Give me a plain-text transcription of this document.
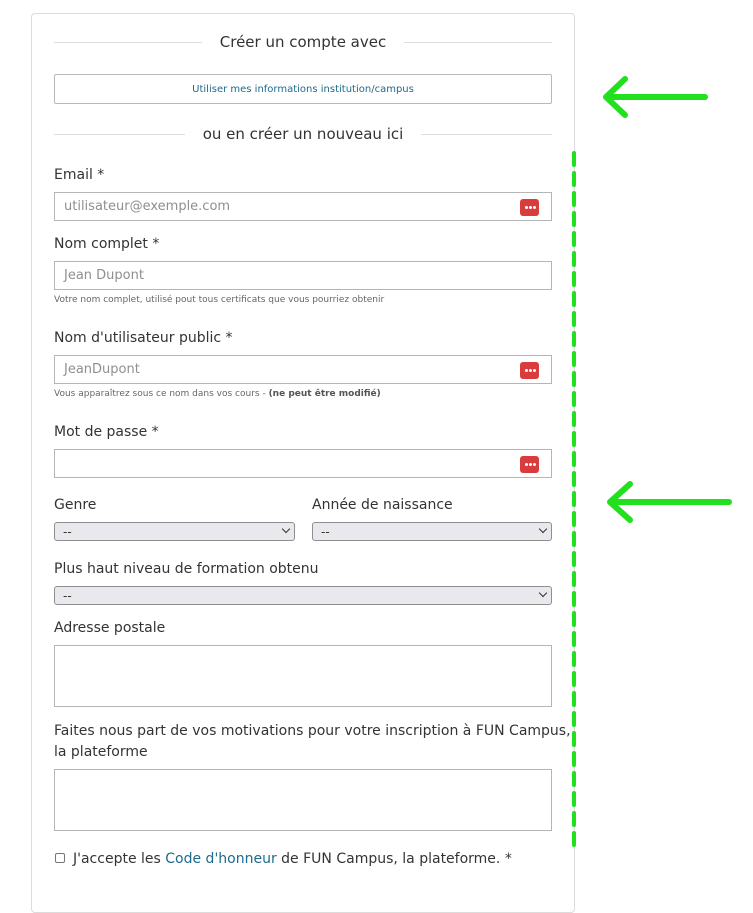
Créer un compte avec
Utiliser mes informations institution/campus
ou en créer un nouveau ici
Email *
utilisateur@exemple.com
Nom complet *
Jean Dupont
Votre nom complet, utilisé pout tous certificats que vous pourriez obtenir
Nom d'utilisateur public *
JeanDupont
Vous apparaîtrez sous ce nom dans vos cours - (ne peut être modifié)
Mot de passe *
Genre	Année de naissance
--	--
Plus haut niveau de formation obtenu
--
Adresse postale
Faites nous part de vos motivations pour votre inscription à FUN Campus,
la plateforme
J'accepte les Code d'honneur de FUN Campus, la plateforme. *
